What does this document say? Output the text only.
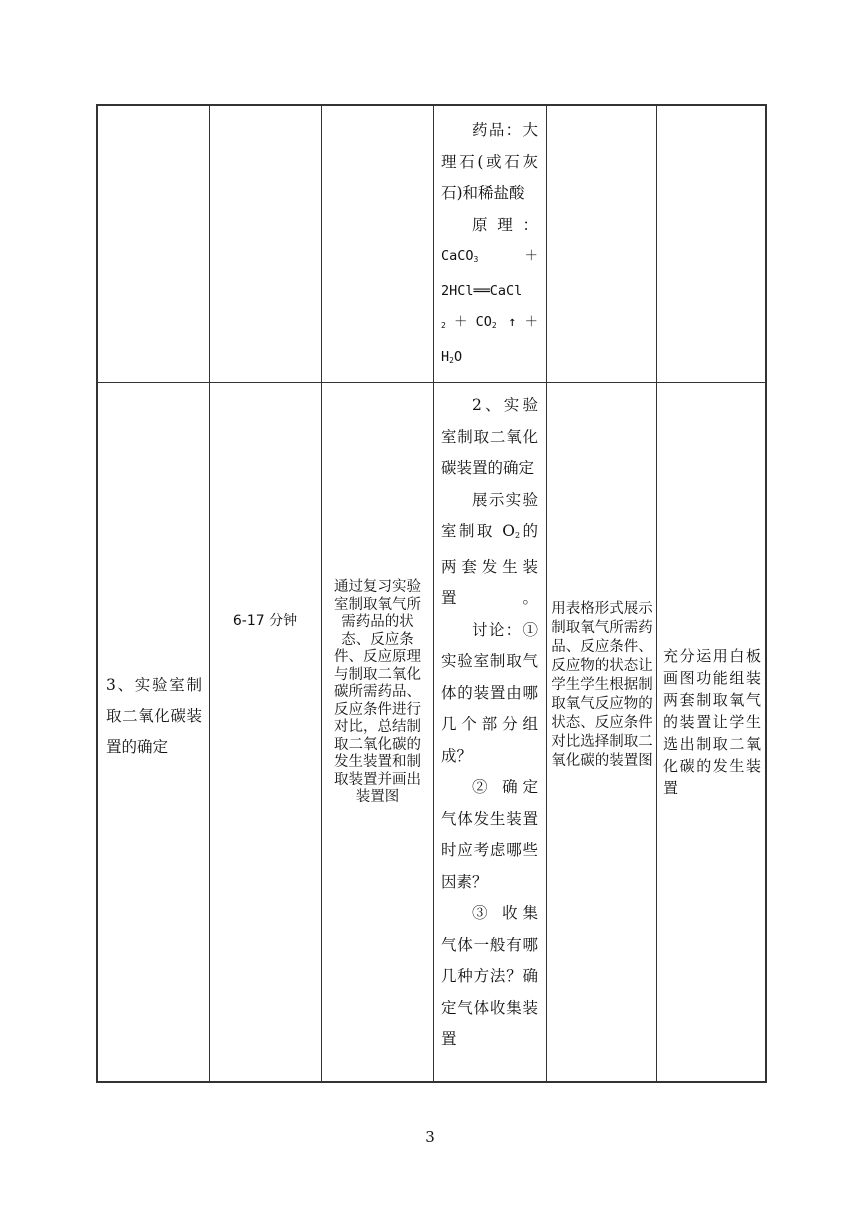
药品：大理石(或石灰石)和稀盐酸

原 理 ：

CaCO$_3$	＋
2HCl══CaCl
$_2 + CO_2$ ↑ ＋
$H_2O$

3、实验室制取二氧化碳装置的确定

6-17 分钟
通过复习实验室制取氧气所需药品的状态、反应条件、反应原理与制取二氧化碳所需药品、反应条件进行对比，总结制取二氧化碳的发生装置和制取装置并画出装置图

2、实验室制取二氧化碳装置的确定

展示实验室制取 $O_2$的两套发生装置。

讨论：①实验室制取气体的装置由哪几个部分组成？

② 确定气体发生装置时应考虑哪些因素？

③ 收集气体一般有哪几种方法？确定气体收集装置

用表格形式展示制取氧气所需药品、反应条件、反应物的状态让学生学生根据制取氧气反应物的状态、反应条件对比选择制取二氧化碳的装置图
充分运用白板画图功能组装两套制取氧气的装置让学生选出制取二氧化碳的发生装置
3
